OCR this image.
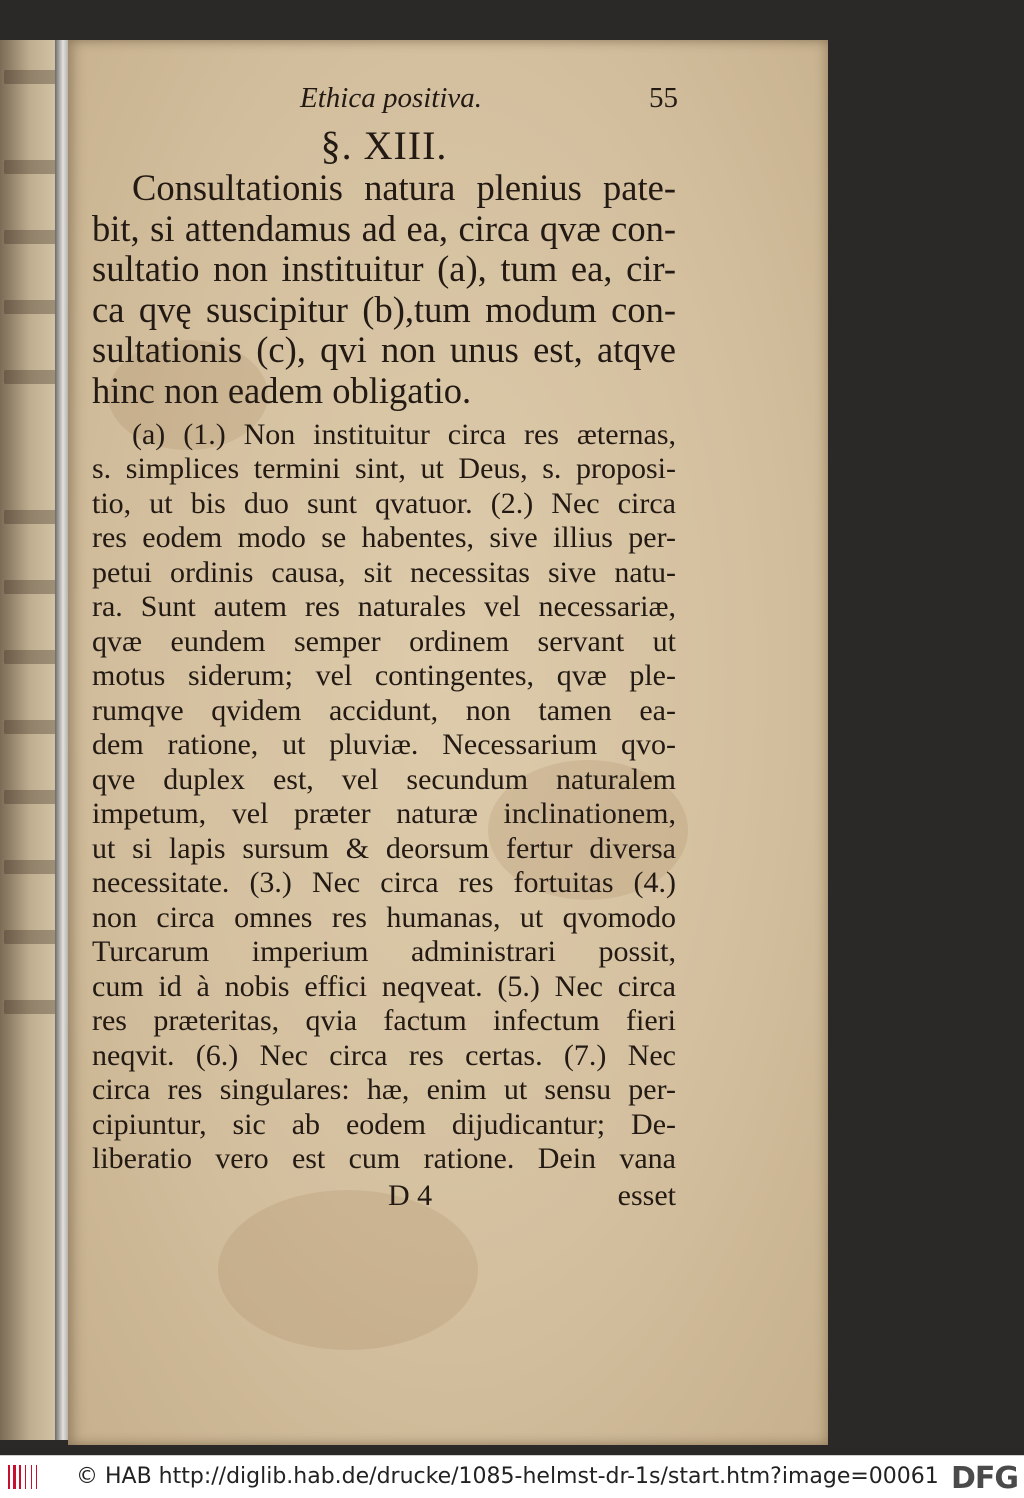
Ethica positiva.	55
§. XIII.
Consultationis natura plenius pate-
bit, si attendamus ad ea, circa qvæ con-
sultatio non instituitur (a), tum ea, cir-
ca qvę suscipitur (b),tum modum con-
sultationis (c), qvi non unus est, atqve
hinc non eadem obligatio.
(a) (1.) Non instituitur circa res æternas,
s. simplices termini sint, ut Deus, s. proposi-
tio, ut bis duo sunt qvatuor. (2.) Nec circa
res eodem modo se habentes, sive illius per-
petui ordinis causa, sit necessitas sive natu-
ra. Sunt autem res naturales vel necessariæ,
qvæ eundem semper ordinem servant ut
motus siderum; vel contingentes, qvæ ple-
rumqve qvidem accidunt, non tamen ea-
dem ratione, ut pluviæ. Necessarium qvo-
qve duplex est, vel secundum naturalem
impetum, vel præter naturæ inclinationem,
ut si lapis sursum & deorsum fertur diversa
necessitate. (3.) Nec circa res fortuitas (4.)
non circa omnes res humanas, ut qvomodo
Turcarum imperium administrari possit,
cum id à nobis effici neqveat. (5.) Nec circa
res præteritas, qvia factum infectum fieri
neqvit. (6.) Nec circa res certas. (7.) Nec
circa res singulares: hæ, enim ut sensu per-
cipiuntur, sic ab eodem dijudicantur; De-
liberatio vero est cum ratione. Dein vana
D 4	esset
© HAB http://diglib.hab.de/drucke/1085-helmst-dr-1s/start.htm?image=00061 DFG
